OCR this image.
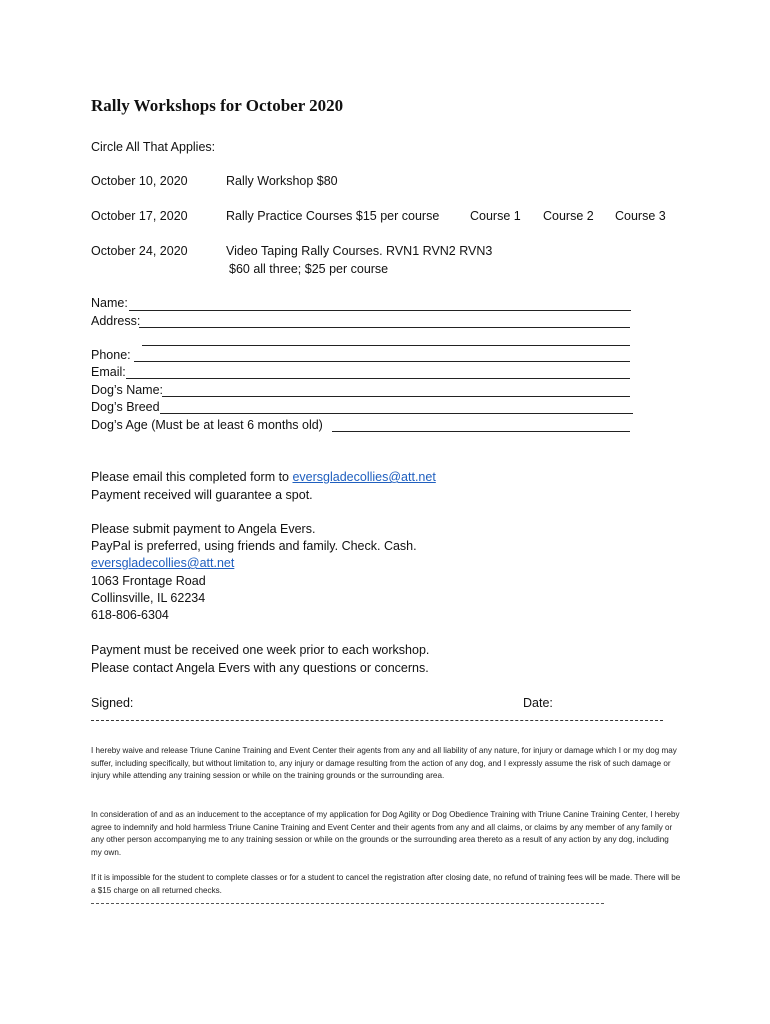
Rally Workshops for October 2020
Circle All That Applies:
October 10, 2020	Rally Workshop $80
October 17, 2020	Rally Practice Courses $15 per course Course 1 Course 2 Course 3
October 24, 2020	Video Taping Rally Courses. RVN1 RVN2 RVN3
$60 all three; $25 per course
Name:
Address:
Phone:
Email:
Dog’s Name:
Dog’s Breed
Dog’s Age (Must be at least 6 months old)
Please email this completed form to eversgladecollies@att.net
Payment received will guarantee a spot.
Please submit payment to Angela Evers.
PayPal is preferred, using friends and family. Check. Cash.
eversgladecollies@att.net
1063 Frontage Road
Collinsville, IL 62234
618-806-6304
Payment must be received one week prior to each workshop.
Please contact Angela Evers with any questions or concerns.
Signed:	Date:
I hereby waive and release Triune Canine Training and Event Center their agents from any and all liability of any nature, for injury or damage which I or my dog may suffer, including specifically, but without limitation to, any injury or damage resulting from the action of any dog, and I expressly assume the risk of such damage or injury while attending any training session or while on the training grounds or the surrounding area.
In consideration of and as an inducement to the acceptance of my application for Dog Agility or Dog Obedience Training with Triune Canine Training Center, I hereby agree to indemnify and hold harmless Triune Canine Training and Event Center and their agents from any and all claims, or claims by any member of any family or any other person accompanying me to any training session or while on the grounds or the surrounding area thereto as a result of any action by any dog, including my own.
If it is impossible for the student to complete classes or for a student to cancel the registration after closing date, no refund of training fees will be made. There will be a $15 charge on all returned checks.
